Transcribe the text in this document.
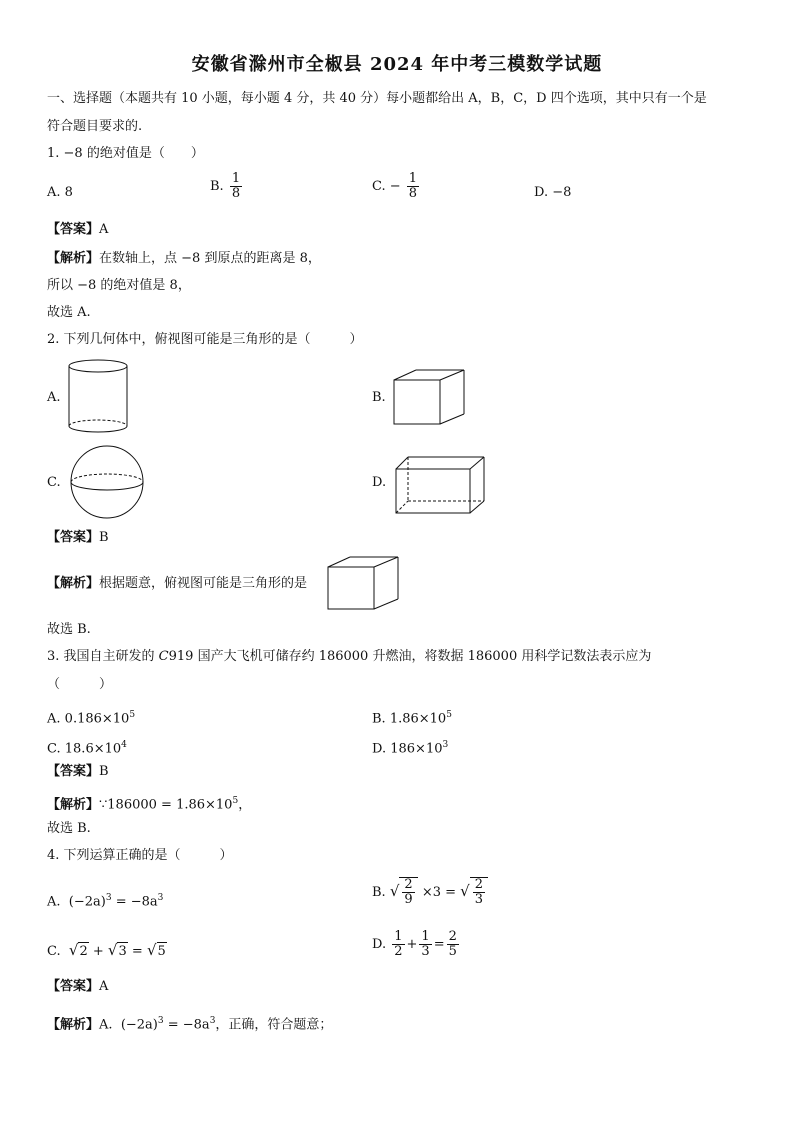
安徽省滁州市全椒县 2024 年中考三模数学试题
一、选择题（本题共有 10 小题，每小题 4 分，共 40 分）每小题都给出 A，B，C，D 四个选项，其中只有一个是
符合题目要求的.
1. −8 的绝对值是（　　）
A. 8	B. $\frac{1}{8}$	C. − $\frac{1}{8}$	D. −8
【答案】A
【解析】在数轴上，点 −8 到原点的距离是 8，
所以 −8 的绝对值是 8，
故选 A.
2. 下列几何体中，俯视图可能是三角形的是（　　　）
A.	B.
C.	D.
【答案】B
【解析】根据题意，俯视图可能是三角形的是
故选 B.
3. 我国自主研发的 C919 国产大飞机可储存约 186000 升燃油，将数据 186000 用科学记数法表示应为
（　　　）
A. $0.186\times 10^5$	B. $1.86\times 10^5$
C. $18.6\times 10^4$	D. $186\times 10^3$
【答案】B
【解析】∵186000 = $1.86\times 10^5$，
故选 B.
4. 下列运算正确的是（　　　）
A. $(-2a)^3 = -8a^3$	B. √ $\frac{2}{9} \times 3$ = √ $\frac{2}{3}$
C. √2 + √3 = √5	D. $\frac{1}{2} + \frac{1}{3} = \frac{2}{5}$
【答案】A
【解析】A. $(-2a)^3 = -8a^3$，正确，符合题意；
